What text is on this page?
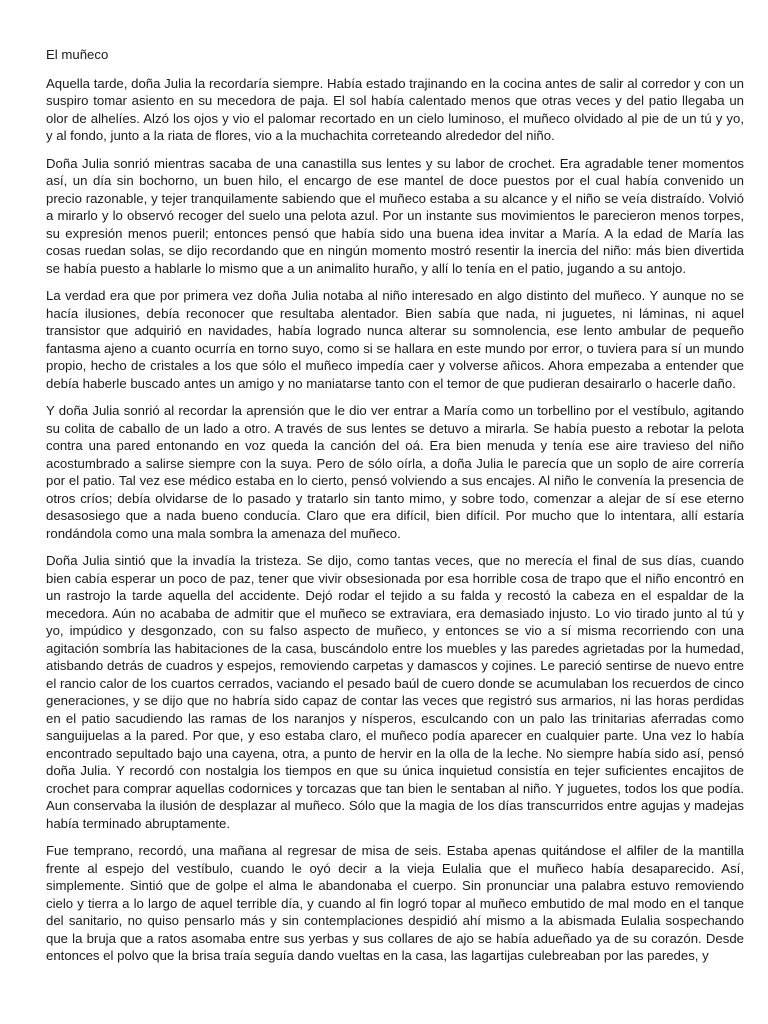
El muñeco

Aquella tarde, doña Julia la recordaría siempre. Había estado trajinando en la cocina antes de salir al corredor y con un suspiro tomar asiento en su mecedora de paja. El sol había calentado menos que otras veces y del patio llegaba un olor de alhelíes. Alzó los ojos y vio el palomar recortado en un cielo luminoso, el muñeco olvidado al pie de un tú y yo, y al fondo, junto a la riata de flores, vio a la muchachita correteando alrededor del niño.

Doña Julia sonrió mientras sacaba de una canastilla sus lentes y su labor de crochet. Era agradable tener momentos así, un día sin bochorno, un buen hilo, el encargo de ese mantel de doce puestos por el cual había convenido un precio razonable, y tejer tranquilamente sabiendo que el muñeco estaba a su alcance y el niño se veía distraído. Volvió a mirarlo y lo observó recoger del suelo una pelota azul. Por un instante sus movimientos le parecieron menos torpes, su expresión menos pueril; entonces pensó que había sido una buena idea invitar a María. A la edad de María las cosas ruedan solas, se dijo recordando que en ningún momento mostró resentir la inercia del niño: más bien divertida se había puesto a hablarle lo mismo que a un animalito huraño, y allí lo tenía en el patio, jugando a su antojo.

La verdad era que por primera vez doña Julia notaba al niño interesado en algo distinto del muñeco. Y aunque no se hacía ilusiones, debía reconocer que resultaba alentador. Bien sabía que nada, ni juguetes, ni láminas, ni aquel transistor que adquirió en navidades, había logrado nunca alterar su somnolencia, ese lento ambular de pequeño fantasma ajeno a cuanto ocurría en torno suyo, como si se hallara en este mundo por error, o tuviera para sí un mundo propio, hecho de cristales a los que sólo el muñeco impedía caer y volverse añicos. Ahora empezaba a entender que debía haberle buscado antes un amigo y no maniatarse tanto con el temor de que pudieran desairarlo o hacerle daño.

Y doña Julia sonrió al recordar la aprensión que le dio ver entrar a María como un torbellino por el vestíbulo, agitando su colita de caballo de un lado a otro. A través de sus lentes se detuvo a mirarla. Se había puesto a rebotar la pelota contra una pared entonando en voz queda la canción del oá. Era bien menuda y tenía ese aire travieso del niño acostumbrado a salirse siempre con la suya. Pero de sólo oírla, a doña Julia le parecía que un soplo de aire correría por el patio. Tal vez ese médico estaba en lo cierto, pensó volviendo a sus encajes. Al niño le convenía la presencia de otros críos; debía olvidarse de lo pasado y tratarlo sin tanto mimo, y sobre todo, comenzar a alejar de sí ese eterno desasosiego que a nada bueno conducía. Claro que era difícil, bien difícil. Por mucho que lo intentara, allí estaría rondándola como una mala sombra la amenaza del muñeco.

Doña Julia sintió que la invadía la tristeza. Se dijo, como tantas veces, que no merecía el final de sus días, cuando bien cabía esperar un poco de paz, tener que vivir obsesionada por esa horrible cosa de trapo que el niño encontró en un rastrojo la tarde aquella del accidente. Dejó rodar el tejido a su falda y recostó la cabeza en el espaldar de la mecedora. Aún no acababa de admitir que el muñeco se extraviara, era demasiado injusto. Lo vio tirado junto al tú y yo, impúdico y desgonzado, con su falso aspecto de muñeco, y entonces se vio a sí misma recorriendo con una agitación sombría las habitaciones de la casa, buscándolo entre los muebles y las paredes agrietadas por la humedad, atisbando detrás de cuadros y espejos, removiendo carpetas y damascos y cojines. Le pareció sentirse de nuevo entre el rancio calor de los cuartos cerrados, vaciando el pesado baúl de cuero donde se acumulaban los recuerdos de cinco generaciones, y se dijo que no habría sido capaz de contar las veces que registró sus armarios, ni las horas perdidas en el patio sacudiendo las ramas de los naranjos y nísperos, esculcando con un palo las trinitarias aferradas como sanguijuelas a la pared. Por que, y eso estaba claro, el muñeco podía aparecer en cualquier parte. Una vez lo había encontrado sepultado bajo una cayena, otra, a punto de hervir en la olla de la leche. No siempre había sido así, pensó doña Julia. Y recordó con nostalgia los tiempos en que su única inquietud consistía en tejer suficientes encajitos de crochet para comprar aquellas codornices y torcazas que tan bien le sentaban al niño. Y juguetes, todos los que podía. Aun conservaba la ilusión de desplazar al muñeco. Sólo que la magia de los días transcurridos entre agujas y madejas había terminado abruptamente.

Fue temprano, recordó, una mañana al regresar de misa de seis. Estaba apenas quitándose el alfiler de la mantilla frente al espejo del vestíbulo, cuando le oyó decir a la vieja Eulalia que el muñeco había desaparecido. Así, simplemente. Sintió que de golpe el alma le abandonaba el cuerpo. Sin pronunciar una palabra estuvo removiendo cielo y tierra a lo largo de aquel terrible día, y cuando al fin logró topar al muñeco embutido de mal modo en el tanque del sanitario, no quiso pensarlo más y sin contemplaciones despidió ahí mismo a la abismada Eulalia sospechando que la bruja que a ratos asomaba entre sus yerbas y sus collares de ajo se había adueñado ya de su corazón. Desde entonces el polvo que la brisa traía seguía dando vueltas en la casa, las lagartijas culebreaban por las paredes, y
